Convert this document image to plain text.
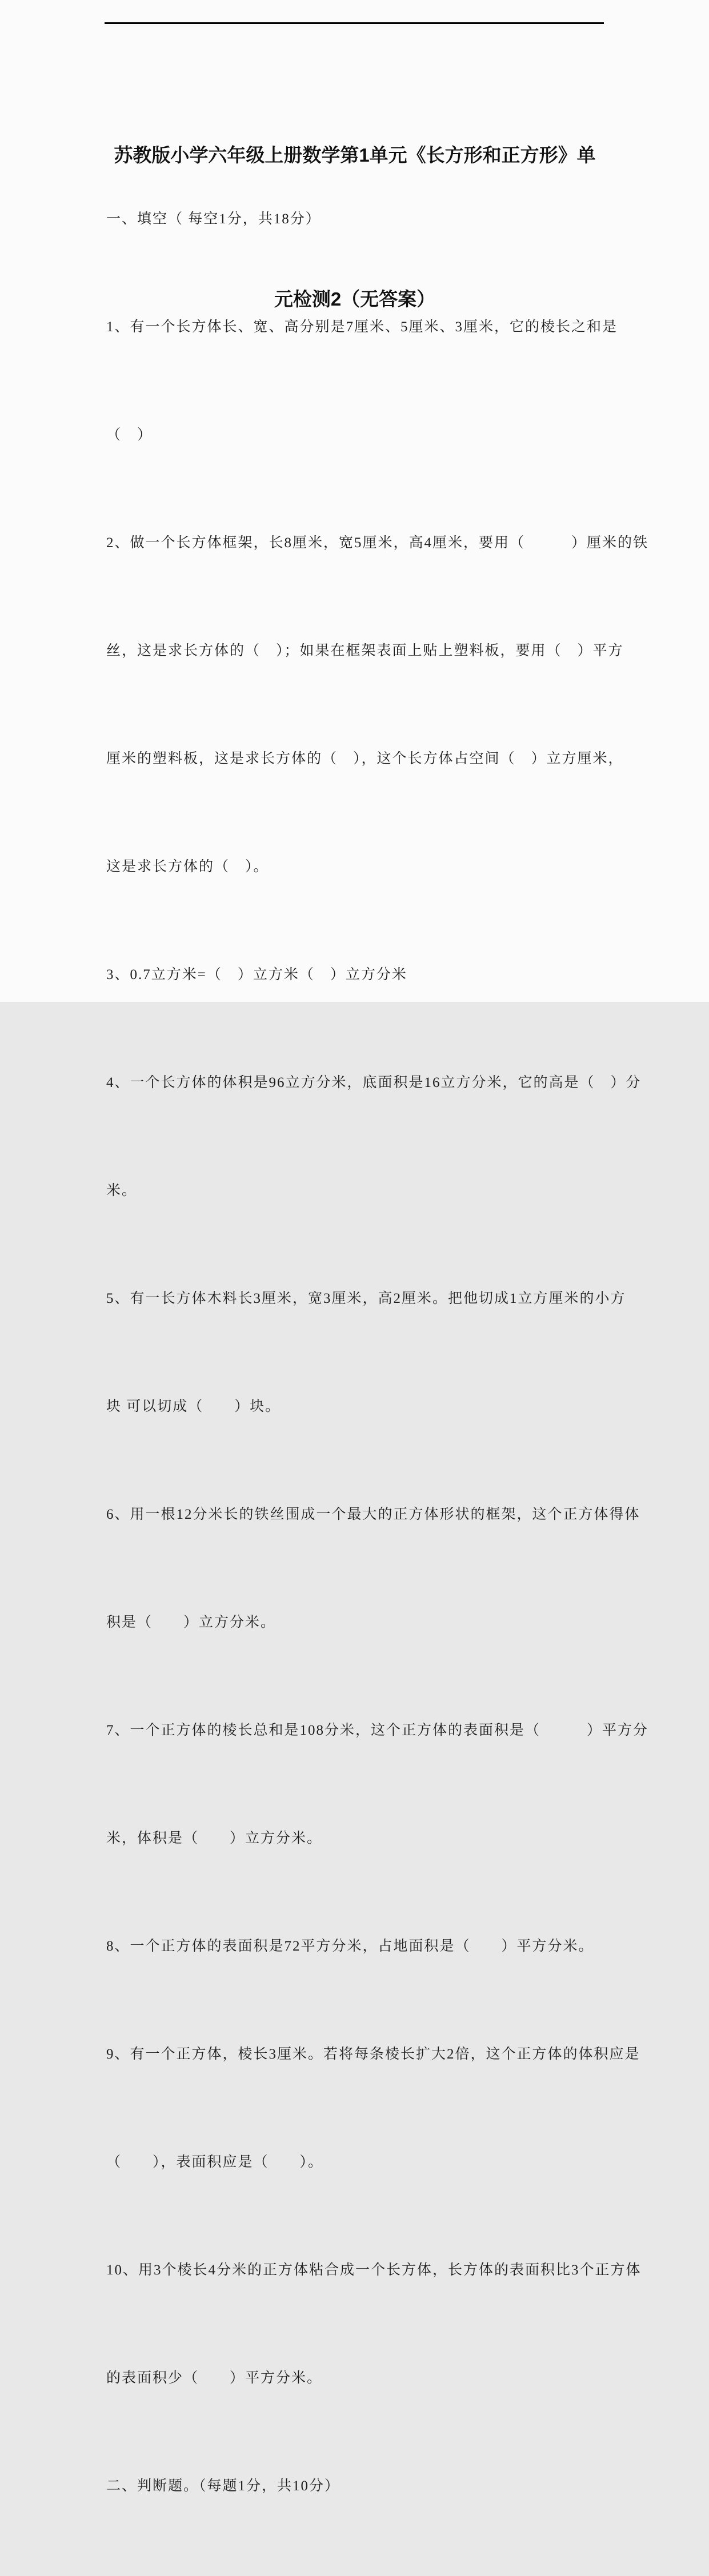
苏教版小学六年级上册数学第1单元《长方形和正方形》单

元检测2（无答案）

一、填空（ 每空1分，共18分）

1、有一个长方体长、宽、高分别是7厘米、5厘米、3厘米，它的棱长之和是

（　）

2、做一个长方体框架，长8厘米，宽5厘米，高4厘米，要用（　　　）厘米的铁

丝，这是求长方体的（　）；如果在框架表面上贴上塑料板，要用（　）平方

厘米的塑料板，这是求长方体的（　），这个长方体占空间（　）立方厘米，

这是求长方体的（　）。

3、0.7立方米=（　）立方米（　）立方分米

4、一个长方体的体积是96立方分米，底面积是16立方分米，它的高是（　）分

米。

5、有一长方体木料长3厘米，宽3厘米，高2厘米。把他切成1立方厘米的小方

块 可以切成（　　）块。

6、用一根12分米长的铁丝围成一个最大的正方体形状的框架，这个正方体得体

积是（　　）立方分米。

7、一个正方体的棱长总和是108分米，这个正方体的表面积是（　　　）平方分

米，体积是（　　）立方分米。

8、一个正方体的表面积是72平方分米，占地面积是（　　）平方分米。

9、有一个正方体，棱长3厘米。若将每条棱长扩大2倍，这个正方体的体积应是

（　　），表面积应是（　　）。

10、用3个棱长4分米的正方体粘合成一个长方体，长方体的表面积比3个正方体

的表面积少（　　）平方分米。

二、判断题。（每题1分，共10分）
